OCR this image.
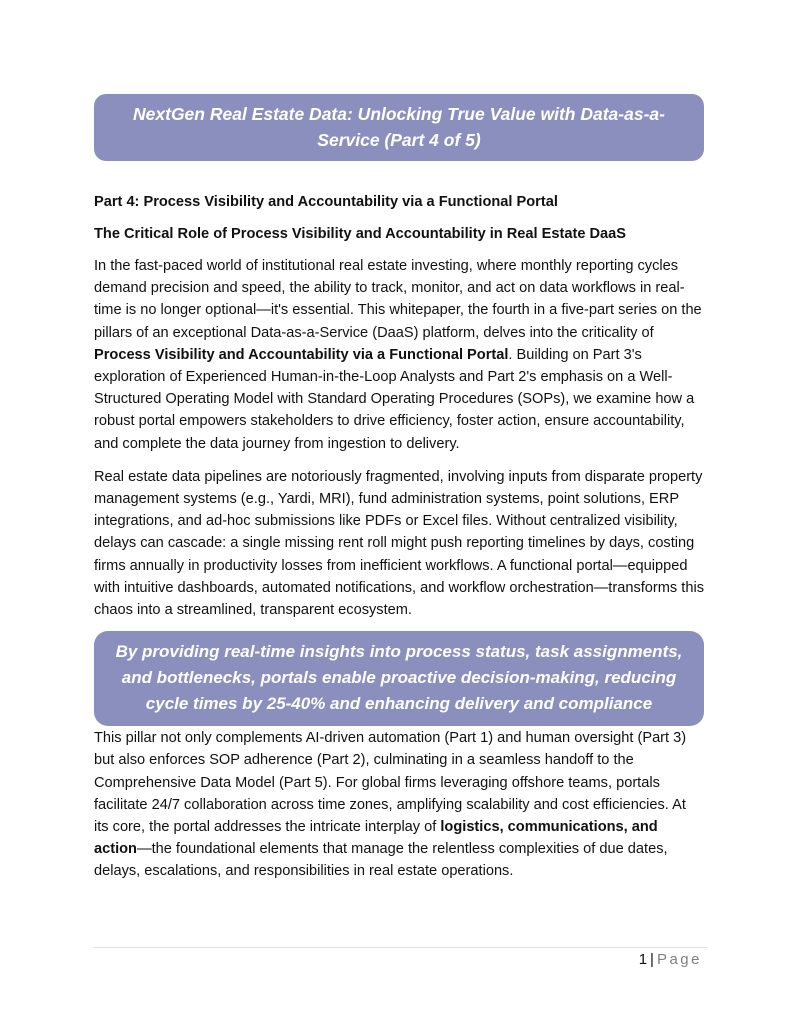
NextGen Real Estate Data: Unlocking True Value with Data-as-a-Service (Part 4 of 5)
Part 4: Process Visibility and Accountability via a Functional Portal
The Critical Role of Process Visibility and Accountability in Real Estate DaaS

In the fast-paced world of institutional real estate investing, where monthly reporting cycles demand precision and speed, the ability to track, monitor, and act on data workflows in real-time is no longer optional—it's essential. This whitepaper, the fourth in a five-part series on the pillars of an exceptional Data-as-a-Service (DaaS) platform, delves into the criticality of Process Visibility and Accountability via a Functional Portal. Building on Part 3's exploration of Experienced Human-in-the-Loop Analysts and Part 2's emphasis on a Well-Structured Operating Model with Standard Operating Procedures (SOPs), we examine how a robust portal empowers stakeholders to drive efficiency, foster action, ensure accountability, and complete the data journey from ingestion to delivery.

Real estate data pipelines are notoriously fragmented, involving inputs from disparate property management systems (e.g., Yardi, MRI), fund administration systems, point solutions, ERP integrations, and ad-hoc submissions like PDFs or Excel files. Without centralized visibility, delays can cascade: a single missing rent roll might push reporting timelines by days, costing firms annually in productivity losses from inefficient workflows. A functional portal—equipped with intuitive dashboards, automated notifications, and workflow orchestration—transforms this chaos into a streamlined, transparent ecosystem.

By providing real-time insights into process status, task assignments, and bottlenecks, portals enable proactive decision-making, reducing cycle times by 25-40% and enhancing delivery and compliance

This pillar not only complements AI-driven automation (Part 1) and human oversight (Part 3) but also enforces SOP adherence (Part 2), culminating in a seamless handoff to the Comprehensive Data Model (Part 5). For global firms leveraging offshore teams, portals facilitate 24/7 collaboration across time zones, amplifying scalability and cost efficiencies. At its core, the portal addresses the intricate interplay of logistics, communications, and action—the foundational elements that manage the relentless complexities of due dates, delays, escalations, and responsibilities in real estate operations.

1 | Page
